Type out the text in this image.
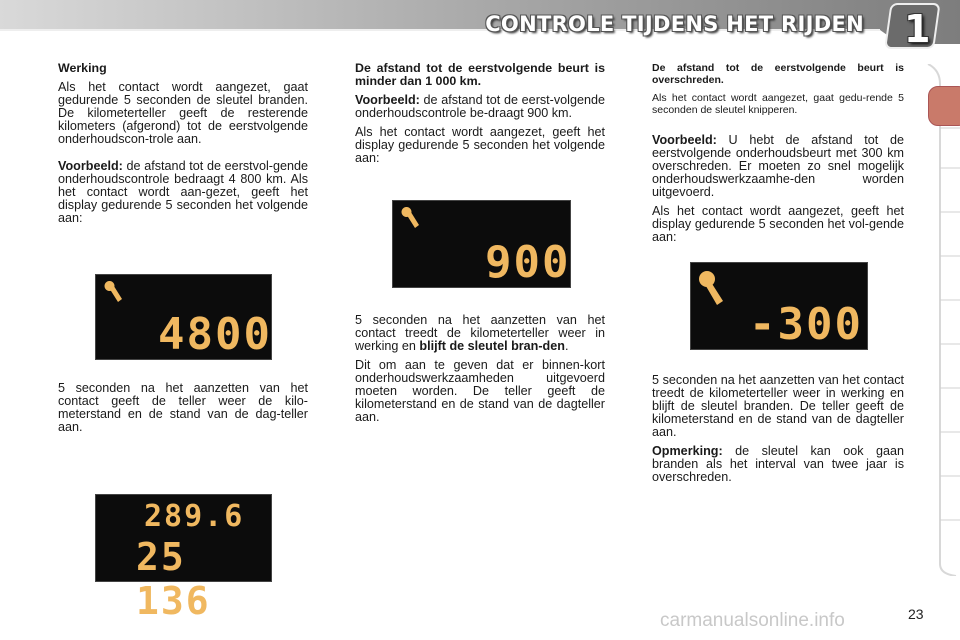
CONTROLE TIJDENS HET RIJDEN 1

Werking

Als het contact wordt aangezet, gaat gedurende 5 seconden de sleutel branden. De kilometerteller geeft de resterende kilometers (afgerond) tot de eerstvolgende onderhoudscon-trole aan.

Voorbeeld: de afstand tot de eerstvol-gende onderhoudscontrole bedraagt 4 800 km. Als het contact wordt aan-gezet, geeft het display gedurende 5 seconden het volgende aan:

4800

5 seconden na het aanzetten van het contact geeft de teller weer de kilo-meterstand en de stand van de dag-teller aan.

289.6
25 136

De afstand tot de eerstvolgende beurt is minder dan 1 000 km.

Voorbeeld: de afstand tot de eerst-volgende onderhoudscontrole be-draagt 900 km.

Als het contact wordt aangezet, geeft het display gedurende 5 seconden het volgende aan:

900

5 seconden na het aanzetten van het contact treedt de kilometerteller weer in werking en blijft de sleutel bran-den.

Dit om aan te geven dat er binnen-kort onderhoudswerkzaamheden uitgevoerd moeten worden. De teller geeft de kilometerstand en de stand van de dagteller aan.

De afstand tot de eerstvolgende beurt is overschreden.

Als het contact wordt aangezet, gaat gedu-rende 5 seconden de sleutel knipperen.

Voorbeeld: U hebt de afstand tot de eerstvolgende onderhoudsbeurt met 300 km overschreden. Er moeten zo snel mogelijk onderhoudswerkzaamhe-den worden uitgevoerd.

Als het contact wordt aangezet, geeft het display gedurende 5 seconden het vol-gende aan:

-300

5 seconden na het aanzetten van het contact treedt de kilometerteller weer in werking en blijft de sleutel branden. De teller geeft de kilometerstand en de stand van de dagteller aan.

Opmerking: de sleutel kan ook gaan branden als het interval van twee jaar is overschreden.

23
carmanualsonline.info
